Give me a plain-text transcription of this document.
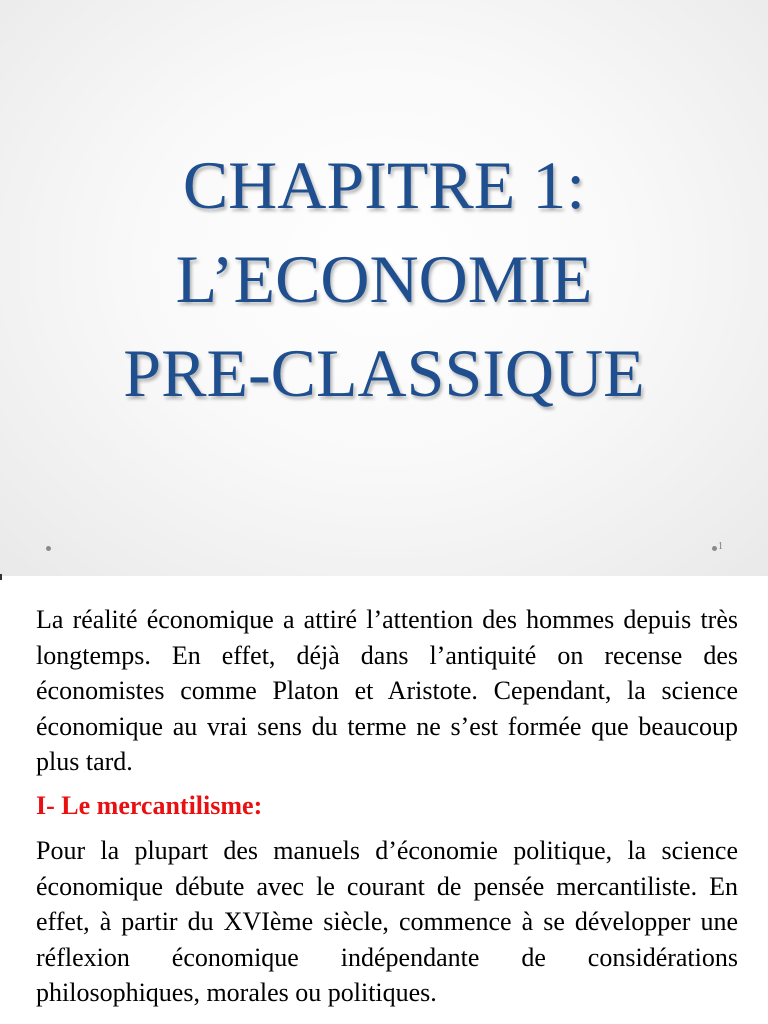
CHAPITRE 1:
L’ECONOMIE
PRE-CLASSIQUE
1

La réalité économique a attiré l’attention des hommes depuis très longtemps. En effet, déjà dans l’antiquité on recense des économistes comme Platon et Aristote. Cependant, la science économique au vrai sens du terme ne s’est formée que beaucoup plus tard.

I- Le mercantilisme:

Pour la plupart des manuels d’économie politique, la science économique débute avec le courant de pensée mercantiliste. En effet, à partir du XVIème siècle, commence à se développer une réflexion économique indépendante de considérations philosophiques, morales ou politiques.
